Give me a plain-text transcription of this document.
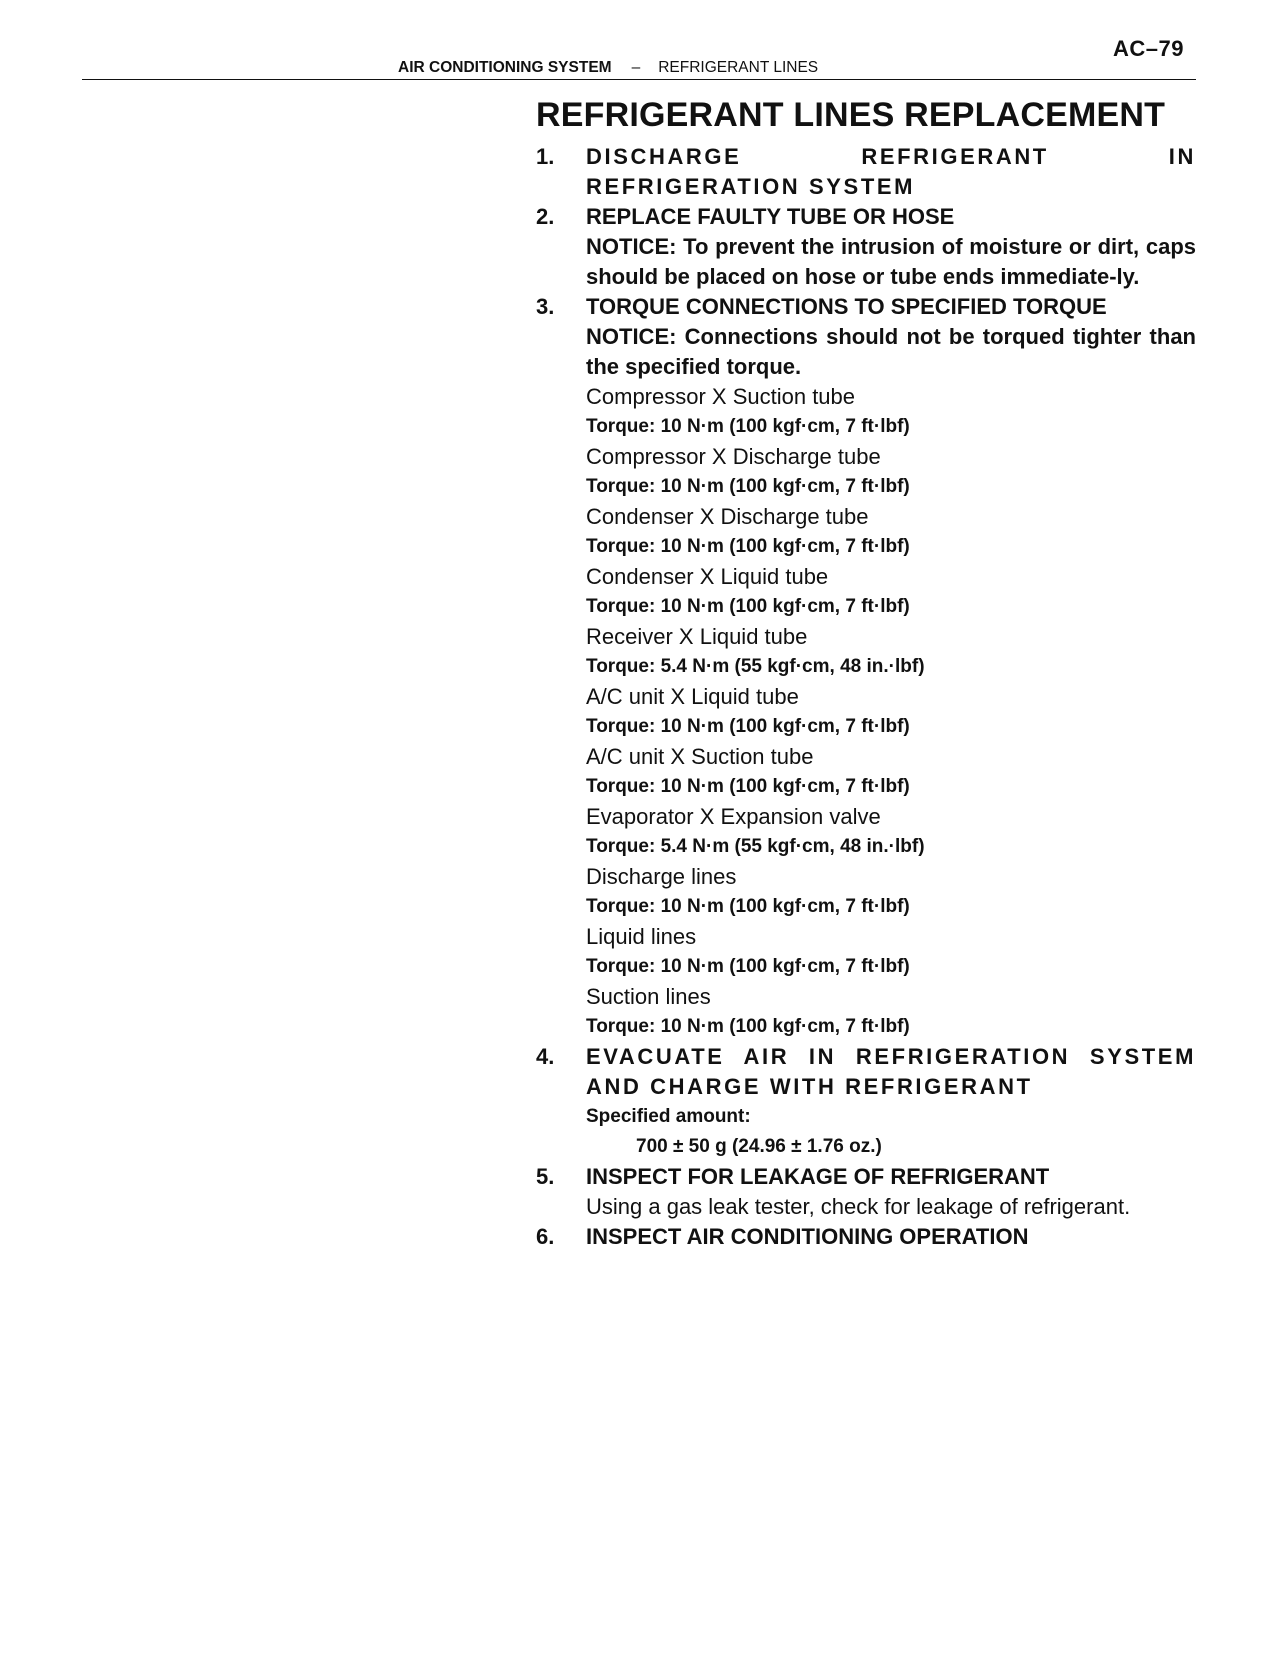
AC–79
AIR CONDITIONING SYSTEM – REFRIGERANT LINES
REFRIGERANT LINES REPLACEMENT
1. DISCHARGE REFRIGERANT IN REFRIGERATION SYSTEM
2. REPLACE FAULTY TUBE OR HOSE
NOTICE: To prevent the intrusion of moisture or dirt, caps should be placed on hose or tube ends immediate-ly.
3. TORQUE CONNECTIONS TO SPECIFIED TORQUE
NOTICE: Connections should not be torqued tighter than the specified torque.
Compressor X Suction tube
Torque: 10 N·m (100 kgf·cm, 7 ft·lbf)
Compressor X Discharge tube
Torque: 10 N·m (100 kgf·cm, 7 ft·lbf)
Condenser X Discharge tube
Torque: 10 N·m (100 kgf·cm, 7 ft·lbf)
Condenser X Liquid tube
Torque: 10 N·m (100 kgf·cm, 7 ft·lbf)
Receiver X Liquid tube
Torque: 5.4 N·m (55 kgf·cm, 48 in.·lbf)
A/C unit X Liquid tube
Torque: 10 N·m (100 kgf·cm, 7 ft·lbf)
A/C unit X Suction tube
Torque: 10 N·m (100 kgf·cm, 7 ft·lbf)
Evaporator X Expansion valve
Torque: 5.4 N·m (55 kgf·cm, 48 in.·lbf)
Discharge lines
Torque: 10 N·m (100 kgf·cm, 7 ft·lbf)
Liquid lines
Torque: 10 N·m (100 kgf·cm, 7 ft·lbf)
Suction lines
Torque: 10 N·m (100 kgf·cm, 7 ft·lbf)
4. EVACUATE AIR IN REFRIGERATION SYSTEM AND CHARGE WITH REFRIGERANT
Specified amount:
700 ± 50 g (24.96 ± 1.76 oz.)
5. INSPECT FOR LEAKAGE OF REFRIGERANT
Using a gas leak tester, check for leakage of refrigerant.
6. INSPECT AIR CONDITIONING OPERATION
